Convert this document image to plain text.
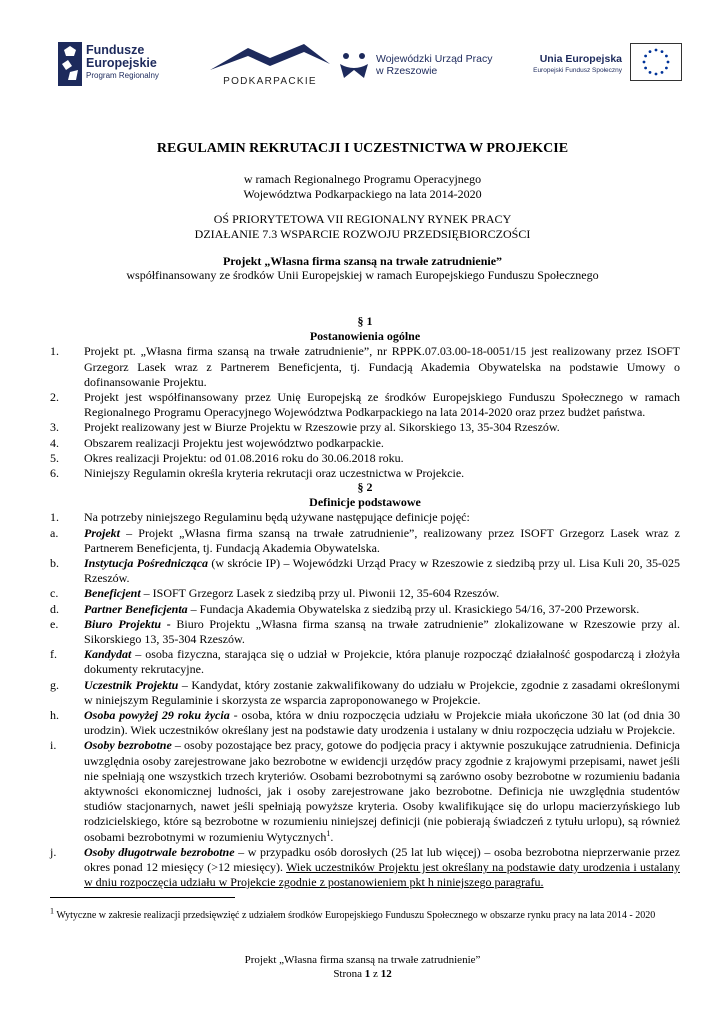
Fundusze
Europejskie
Program Regionalny
PODKARPACKIE
Wojewódzki Urząd Pracy
w Rzeszowie
Unia Europejska
Europejski Fundusz Społeczny
REGULAMIN REKRUTACJI I UCZESTNICTWA W PROJEKCIE
w ramach Regionalnego Programu Operacyjnego
Województwa Podkarpackiego na lata 2014-2020
OŚ PRIORYTETOWA VII REGIONALNY RYNEK PRACY
DZIAŁANIE 7.3 WSPARCIE ROZWOJU PRZEDSIĘBIORCZOŚCI
Projekt „Własna firma szansą na trwałe zatrudnienie”
współfinansowany ze środków Unii Europejskiej w ramach Europejskiego Funduszu Społecznego
§ 1
Postanowienia ogólne
1.	Projekt pt. „Własna firma szansą na trwałe zatrudnienie”, nr RPPK.07.03.00-18-0051/15 jest realizowany przez ISOFT Grzegorz Lasek wraz z Partnerem Beneficjenta, tj. Fundacją Akademia Obywatelska na podstawie Umowy o dofinansowanie Projektu.
2.	Projekt jest współfinansowany przez Unię Europejską ze środków Europejskiego Funduszu Społecznego w ramach Regionalnego Programu Operacyjnego Województwa Podkarpackiego na lata 2014-2020 oraz przez budżet państwa.
3.	Projekt realizowany jest w Biurze Projektu w Rzeszowie przy al. Sikorskiego 13, 35-304 Rzeszów.
4.	Obszarem realizacji Projektu jest województwo podkarpackie.
5.	Okres realizacji Projektu: od 01.08.2016 roku do 30.06.2018 roku.
6.	Niniejszy Regulamin określa kryteria rekrutacji oraz uczestnictwa w Projekcie.
§ 2
Definicje podstawowe
1.	Na potrzeby niniejszego Regulaminu będą używane następujące definicje pojęć:
a.	Projekt – Projekt „Własna firma szansą na trwałe zatrudnienie”, realizowany przez ISOFT Grzegorz Lasek wraz z Partnerem Beneficjenta, tj. Fundacją Akademia Obywatelska.
b.	Instytucja Pośrednicząca (w skrócie IP) – Wojewódzki Urząd Pracy w Rzeszowie z siedzibą przy ul. Lisa Kuli 20, 35-025 Rzeszów.
c.	Beneficjent – ISOFT Grzegorz Lasek z siedzibą przy ul. Piwonii 12, 35-604 Rzeszów.
d.	Partner Beneficjenta – Fundacja Akademia Obywatelska z siedzibą przy ul. Krasickiego 54/16, 37-200 Przeworsk.
e.	Biuro Projektu - Biuro Projektu „Własna firma szansą na trwałe zatrudnienie” zlokalizowane w Rzeszowie przy al. Sikorskiego 13, 35-304 Rzeszów.
f.	Kandydat – osoba fizyczna, starająca się o udział w Projekcie, która planuje rozpocząć działalność gospodarczą i złożyła dokumenty rekrutacyjne.
g.	Uczestnik Projektu – Kandydat, który zostanie zakwalifikowany do udziału w Projekcie, zgodnie z zasadami określonymi w niniejszym Regulaminie i skorzysta ze wsparcia zaproponowanego w Projekcie.
h.	Osoba powyżej 29 roku życia - osoba, która w dniu rozpoczęcia udziału w Projekcie miała ukończone 30 lat (od dnia 30 urodzin). Wiek uczestników określany jest na podstawie daty urodzenia i ustalany w dniu rozpoczęcia udziału w Projekcie.
i.	Osoby bezrobotne – osoby pozostające bez pracy, gotowe do podjęcia pracy i aktywnie poszukujące zatrudnienia. Definicja uwzględnia osoby zarejestrowane jako bezrobotne w ewidencji urzędów pracy zgodnie z krajowymi przepisami, nawet jeśli nie spełniają one wszystkich trzech kryteriów. Osobami bezrobotnymi są zarówno osoby bezrobotne w rozumieniu badania aktywności ekonomicznej ludności, jak i osoby zarejestrowane jako bezrobotne. Definicja nie uwzględnia studentów studiów stacjonarnych, nawet jeśli spełniają powyższe kryteria. Osoby kwalifikujące się do urlopu macierzyńskiego lub rodzicielskiego, które są bezrobotne w rozumieniu niniejszej definicji (nie pobierają świadczeń z tytułu urlopu), są również osobami bezrobotnymi w rozumieniu Wytycznych$^1$.
j.	Osoby długotrwale bezrobotne – w przypadku osób dorosłych (25 lat lub więcej) – osoba bezrobotna nieprzerwanie przez okres ponad 12 miesięcy (>12 miesięcy). Wiek uczestników Projektu jest określany na podstawie daty urodzenia i ustalany w dniu rozpoczęcia udziału w Projekcie zgodnie z postanowieniem pkt h niniejszego paragrafu.
$^1$ Wytyczne w zakresie realizacji przedsięwzięć z udziałem środków Europejskiego Funduszu Społecznego w obszarze rynku pracy na lata 2014 - 2020
Projekt „Własna firma szansą na trwałe zatrudnienie”
Strona 1 z 12
